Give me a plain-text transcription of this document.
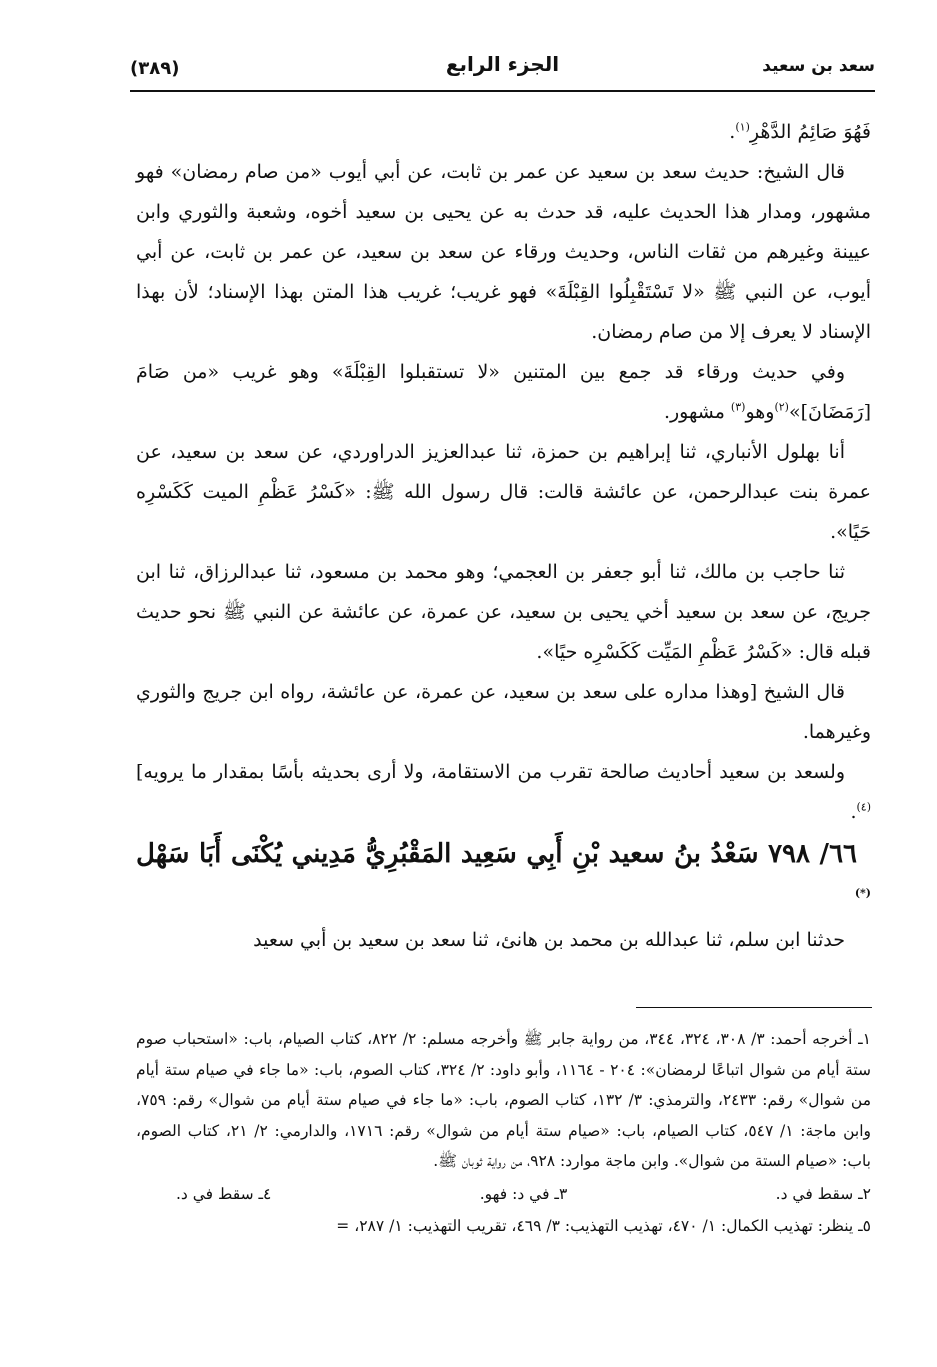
سعد بن سعيد
الجزء الرابع
(٣٨٩)

فَهُوَ صَائِمُ الدَّهْرِ$^{(١)}$.

قال الشيخ: حديث سعد بن سعيد عن عمر بن ثابت، عن أبي أيوب «من صام رمضان» فهو مشهور، ومدار هذا الحديث عليه، قد حدث به عن يحيى بن سعيد أخوه، وشعبة والثوري وابن عيينة وغيرهم من ثقات الناس، وحديث ورقاء عن سعد بن سعيد، عن عمر بن ثابت، عن أبي أيوب، عن النبي ﷺ «لا تَسْتَقْبِلُوا القِبْلَةَ» فهو غريب؛ غريب هذا المتن بهذا الإسناد؛ لأن بهذا الإسناد لا يعرف إلا من صام رمضان.

وفي حديث ورقاء قد جمع بين المتنين «لا تستقبلوا القِبْلَةَ» وهو غريب «من صَامَ [رَمَضَانَ]»$^{(٢)}$وهو$^{(٣)}$ مشهور.

أنا بهلول الأنباري، ثنا إبراهيم بن حمزة، ثنا عبدالعزيز الدراوردي، عن سعد بن سعيد، عن عمرة بنت عبدالرحمن، عن عائشة قالت: قال رسول الله ﷺ: «كَسْرُ عَظْمِ الميت كَكَسْرِه حَيًا».

ثنا حاجب بن مالك، ثنا أبو جعفر بن العجمي؛ وهو محمد بن مسعود، ثنا عبدالرزاق، ثنا ابن جريج، عن سعد بن سعيد أخي يحيى بن سعيد، عن عمرة، عن عائشة عن النبي ﷺ نحو حديث قبله قال: «كَسْرُ عَظْمِ المَيِّت كَكَسْرِه حيًا».

قال الشيخ [وهذا مداره على سعد بن سعيد، عن عمرة، عن عائشة، رواه ابن جريج والثوري وغيرهما.

ولسعد بن سعيد أحاديث صالحة تقرب من الاستقامة، ولا أرى بحديثه بأسًا بمقدار ما يرويه]$^{(٤)}$.

٦٦/ ٧٩٨ سَعْدُ بنُ سعيد بْنِ أَبِي سَعِيد المَقْبُرِيُّ مَدِيني يُكْنَى أَبَا سَهْل (*)

حدثنا ابن سلم، ثنا عبدالله بن محمد بن هانئ، ثنا سعد بن سعيد بن أبي سعيد

١ـ أخرجه أحمد: ٣/ ٣٠٨، ٣٢٤، ٣٤٤، من رواية جابر ﷺ وأخرجه مسلم: ٢/ ٨٢٢، كتاب الصيام، باب: «استحباب صوم ستة أيام من شوال اتباعًا لرمضان»: ٢٠٤ - ١١٦٤، وأبو داود: ٢/ ٣٢٤، كتاب الصوم، باب: «ما جاء في صيام ستة أيام من شوال» رقم: ٢٤٣٣، والترمذي: ٣/ ١٣٢، كتاب الصوم، باب: «ما جاء في صيام ستة أيام من شوال» رقم: ٧٥٩، وابن ماجة: ١/ ٥٤٧، كتاب الصيام، باب: «صيام ستة أيام من شوال» رقم: ١٧١٦، والدارمي: ٢/ ٢١، كتاب الصوم، باب: «صيام الستة من شوال». وابن ماجة موارد: ٩٢٨، من رواية ثوبان ﷺ.

٢ـ سقط في د.
٣ـ في د: فهو.
٤ـ سقط في د.

٥ـ ينظر: تهذيب الكمال: ١/ ٤٧٠، تهذيب التهذيب: ٣/ ٤٦٩، تقريب التهذيب: ١/ ٢٨٧، =
